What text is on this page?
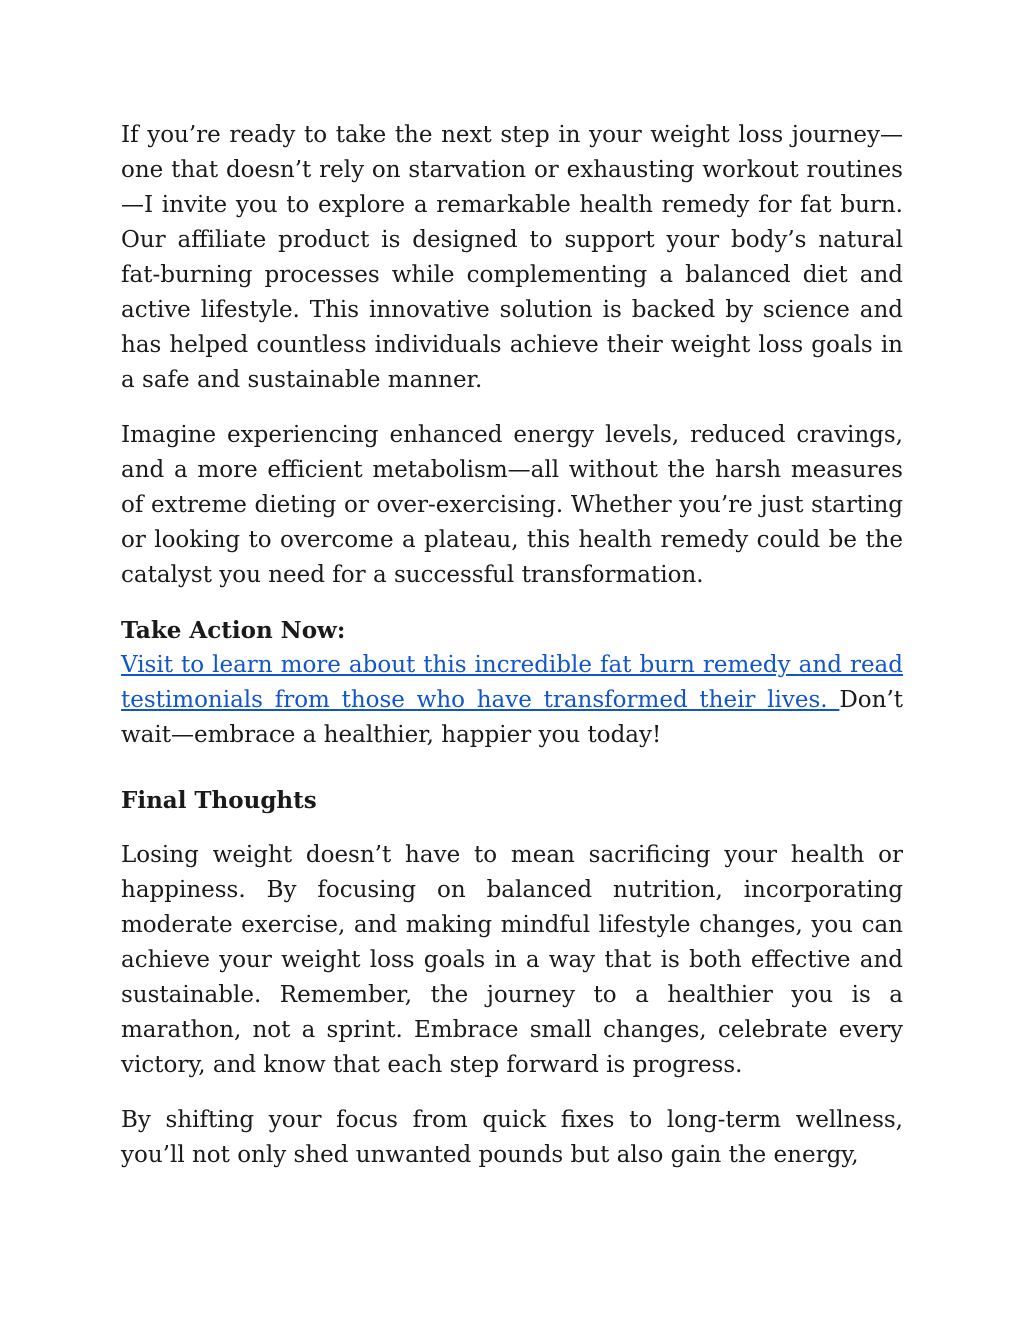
If you’re ready to take the next step in your weight loss journey—one that doesn’t rely on starvation or exhausting workout routines—I invite you to explore a remarkable health remedy for fat burn. Our affiliate product is designed to support your body’s natural fat-burning processes while complementing a balanced diet and active lifestyle. This innovative solution is backed by science and has helped countless individuals achieve their weight loss goals in a safe and sustainable manner.

Imagine experiencing enhanced energy levels, reduced cravings, and a more efficient metabolism—all without the harsh measures of extreme dieting or over-exercising. Whether you’re just starting or looking to overcome a plateau, this health remedy could be the catalyst you need for a successful transformation.

Take Action Now:

Visit to learn more about this incredible fat burn remedy and read testimonials from those who have transformed their lives. Don’t wait—embrace a healthier, happier you today!

Final Thoughts

Losing weight doesn’t have to mean sacrificing your health or happiness. By focusing on balanced nutrition, incorporating moderate exercise, and making mindful lifestyle changes, you can achieve your weight loss goals in a way that is both effective and sustainable. Remember, the journey to a healthier you is a marathon, not a sprint. Embrace small changes, celebrate every victory, and know that each step forward is progress.

By shifting your focus from quick fixes to long-term wellness, you’ll not only shed unwanted pounds but also gain the energy,
